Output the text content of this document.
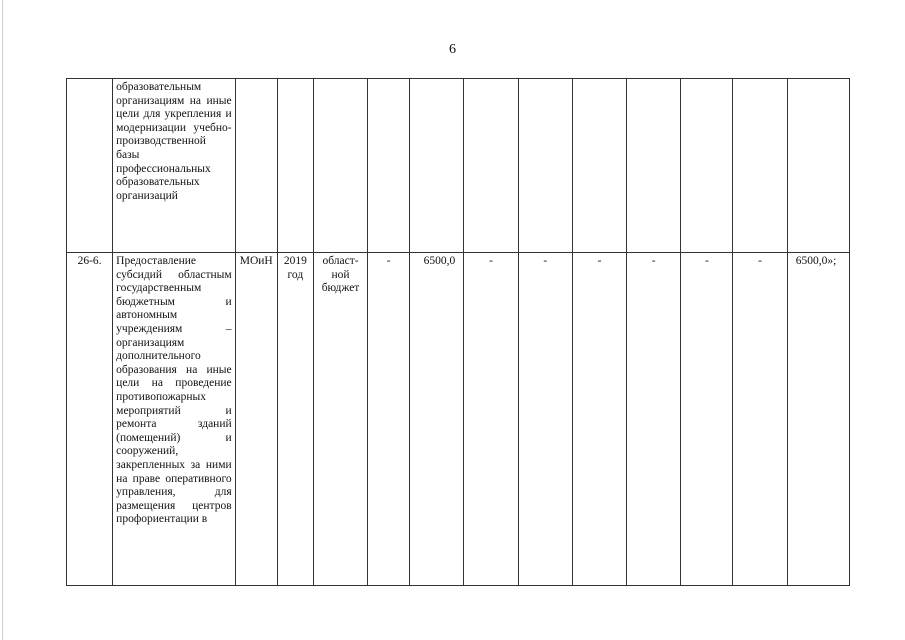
6
	образовательным организациям на иные цели для укрепления и модернизации учебно-производственной базы профессиональных образовательных организаций												
26-6.	Предоставление субсидий областным государственным бюджетным и автономным учреждениям – организациям дополнительного образования на иные цели на проведение противопожарных мероприятий и ремонта зданий (помещений) и сооружений, закрепленных за ними на праве оперативного управления, для размещения центров профориентации в	МОиН	2019 год	област-ной бюджет	-	6500,0	-	-	-	-	-	-	6500,0»;
